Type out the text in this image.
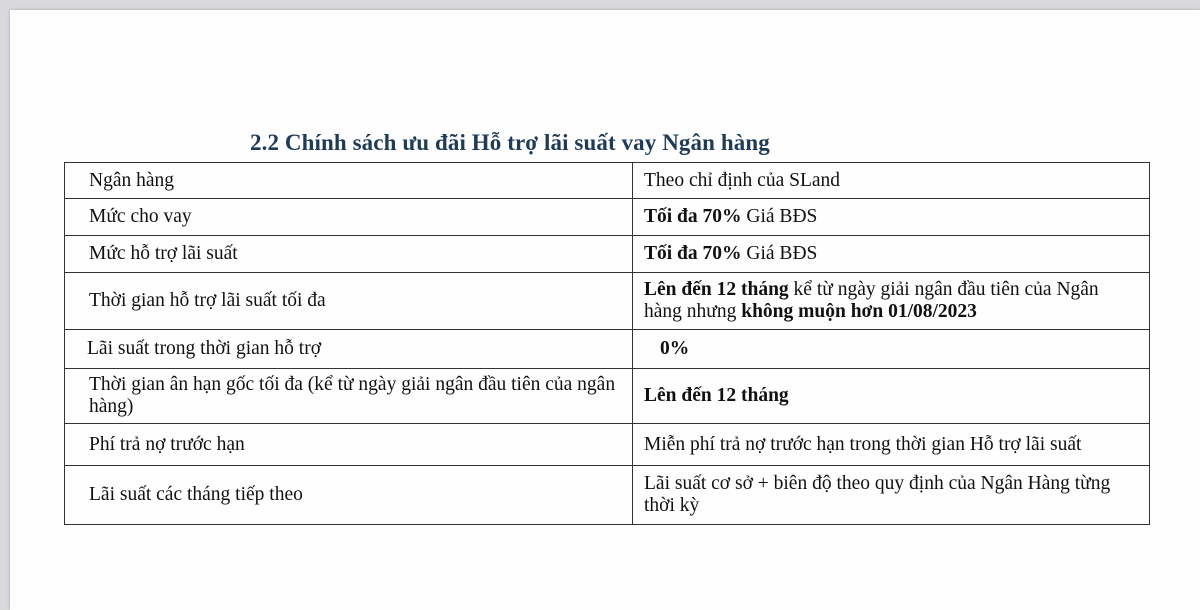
2.2 Chính sách ưu đãi Hỗ trợ lãi suất vay Ngân hàng
Ngân hàng	Theo chỉ định của SLand
Mức cho vay	Tối đa 70% Giá BĐS
Mức hỗ trợ lãi suất	Tối đa 70% Giá BĐS
Thời gian hỗ trợ lãi suất tối đa	Lên đến 12 tháng kể từ ngày giải ngân đầu tiên của Ngân hàng nhưng không muộn hơn 01/08/2023
Lãi suất trong thời gian hỗ trợ	0%
Thời gian ân hạn gốc tối đa (kể từ ngày giải ngân đầu tiên của ngân hàng)	Lên đến 12 tháng
Phí trả nợ trước hạn	Miễn phí trả nợ trước hạn trong thời gian Hỗ trợ lãi suất
Lãi suất các tháng tiếp theo	Lãi suất cơ sở + biên độ theo quy định của Ngân Hàng từng thời kỳ
